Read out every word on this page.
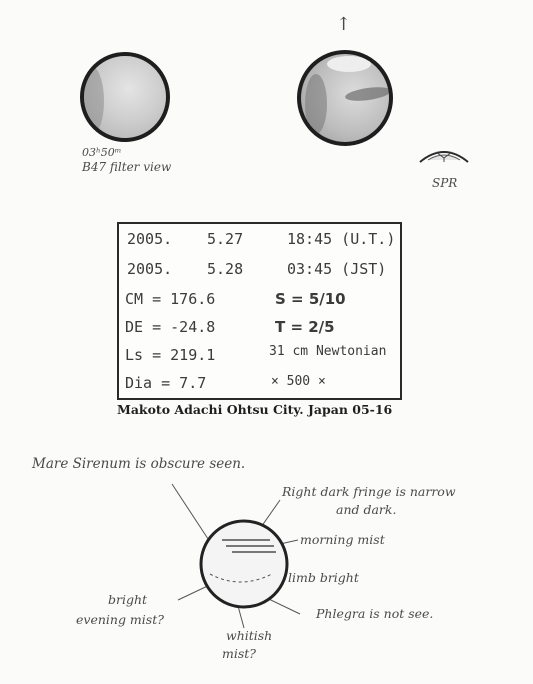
03ʰ50ᵐ
B47 filter view
↑
2005. 5.27	18:45 (U.T.)
2005. 5.28	03:45 (JST)
CM = 176.6	S = 5/10
DE = -24.8	T = 2/5
Ls = 219.1	31 cm Newtonian
Dia = 7.7	× 500 ×
Makoto Adachi Ohtsu City. Japan 05-16
Mare Sirenum is obscure seen.
Right dark fringe is narrow
and dark.
morning mist
limb bright
bright
evening mist?	Phlegra is not see.
whitish
mist?
SPR
